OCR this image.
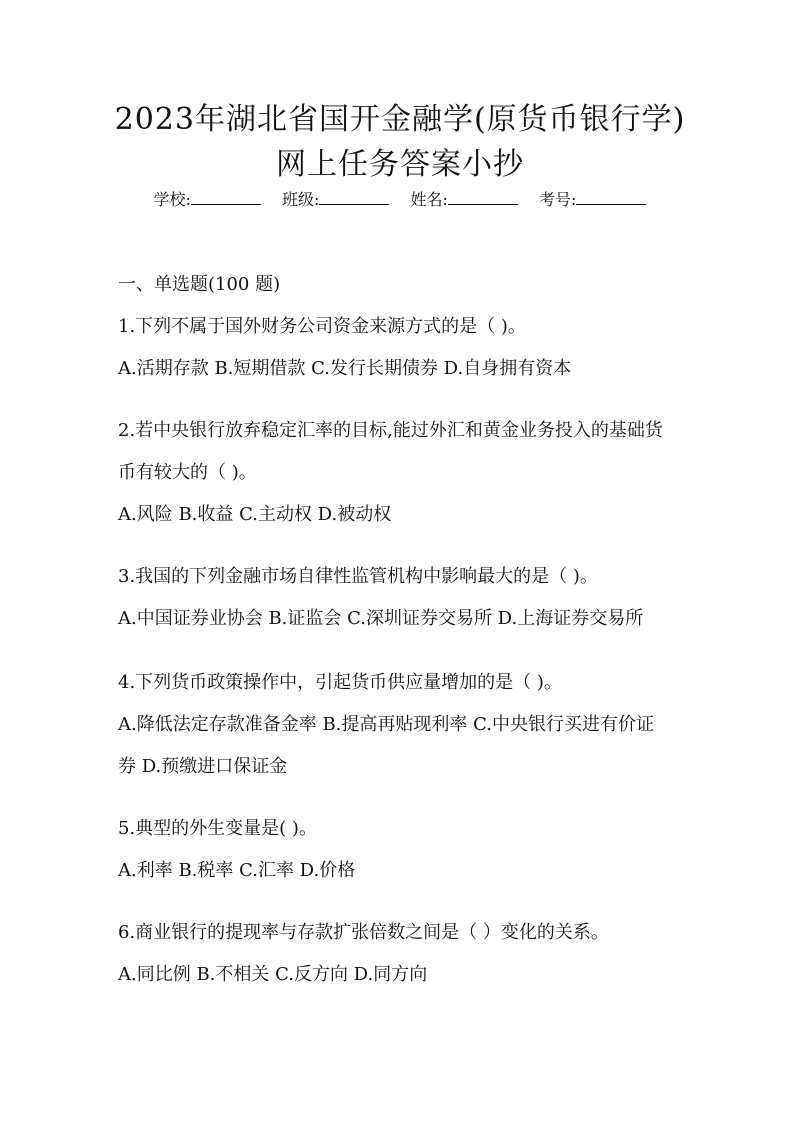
2023年湖北省国开金融学(原货币银行学)
网上任务答案小抄
学校:	班级:	姓名:	考号:
一、单选题(100 题)
1.下列不属于国外财务公司资金来源方式的是（ )。
A.活期存款 B.短期借款 C.发行长期债券 D.自身拥有资本
2.若中央银行放弃稳定汇率的目标,能过外汇和黄金业务投入的基础货
币有较大的（ )。
A.风险 B.收益 C.主动权 D.被动权
3.我国的下列金融市场自律性监管机构中影响最大的是（ )。
A.中国证券业协会 B.证监会 C.深圳证券交易所 D.上海证券交易所
4.下列货币政策操作中，引起货币供应量增加的是（ )。
A.降低法定存款准备金率 B.提高再贴现利率 C.中央银行买进有价证
券 D.预缴进口保证金
5.典型的外生变量是( )。
A.利率 B.税率 C.汇率 D.价格
6.商业银行的提现率与存款扩张倍数之间是（ ）变化的关系。
A.同比例 B.不相关 C.反方向 D.同方向
